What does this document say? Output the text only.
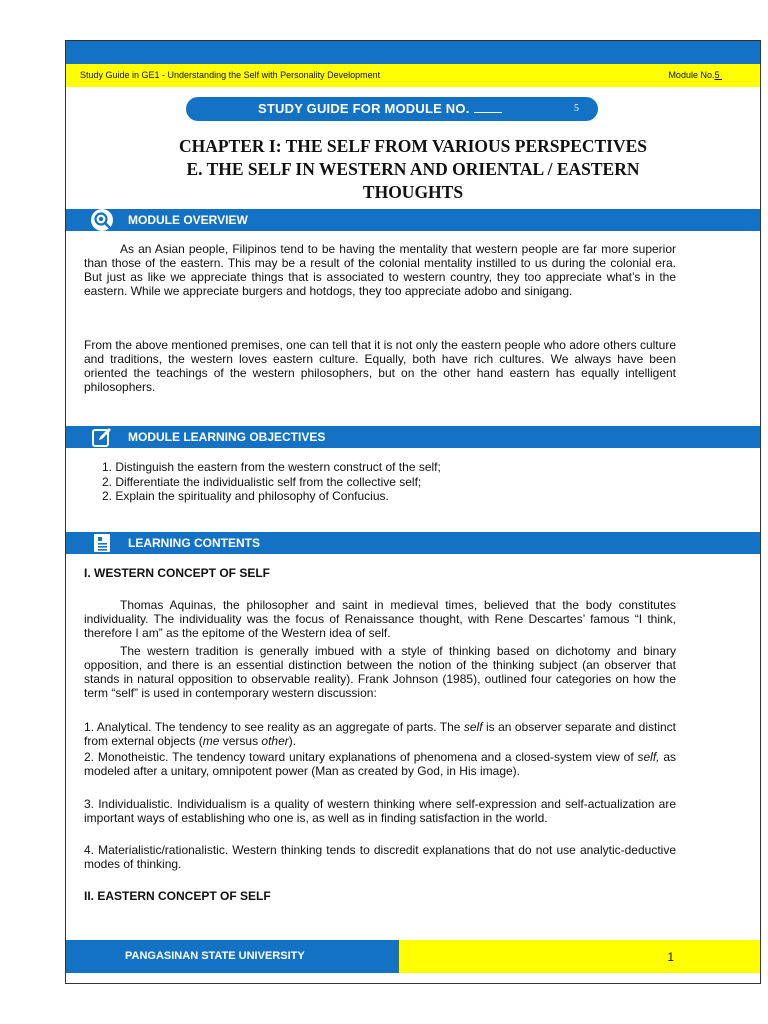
Study Guide in GE1 - Understanding the Self with Personality Development	Module No.5
STUDY GUIDE FOR MODULE NO.	5
CHAPTER I: THE SELF FROM VARIOUS PERSPECTIVES
E. THE SELF IN WESTERN AND ORIENTAL / EASTERN
THOUGHTS
MODULE OVERVIEW

As an Asian people, Filipinos tend to be having the mentality that western people are far more superior than those of the eastern. This may be a result of the colonial mentality instilled to us during the colonial era. But just as like we appreciate things that is associated to western country, they too appreciate what’s in the eastern. While we appreciate burgers and hotdogs, they too appreciate adobo and sinigang.

From the above mentioned premises, one can tell that it is not only the eastern people who adore others culture and traditions, the western loves eastern culture. Equally, both have rich cultures. We always have been oriented the teachings of the western philosophers, but on the other hand eastern has equally intelligent philosophers.

MODULE LEARNING OBJECTIVES
1. Distinguish the eastern from the western construct of the self;
2. Differentiate the individualistic self from the collective self;
2. Explain the spirituality and philosophy of Confucius.
LEARNING CONTENTS
I. WESTERN CONCEPT OF SELF

Thomas Aquinas, the philosopher and saint in medieval times, believed that the body constitutes individuality. The individuality was the focus of Renaissance thought, with Rene Descartes’ famous “I think, therefore I am” as the epitome of the Western idea of self.

The western tradition is generally imbued with a style of thinking based on dichotomy and binary opposition, and there is an essential distinction between the notion of the thinking subject (an observer that stands in natural opposition to observable reality). Frank Johnson (1985), outlined four categories on how the term “self” is used in contemporary western discussion:

1. Analytical. The tendency to see reality as an aggregate of parts. The self is an observer separate and distinct from external objects (me versus other).

2. Monotheistic. The tendency toward unitary explanations of phenomena and a closed-system view of self, as modeled after a unitary, omnipotent power (Man as created by God, in His image).

3. Individualistic. Individualism is a quality of western thinking where self-expression and self-actualization are important ways of establishing who one is, as well as in finding satisfaction in the world.

4. Materialistic/rationalistic. Western thinking tends to discredit explanations that do not use analytic-deductive modes of thinking.

II. EASTERN CONCEPT OF SELF
PANGASINAN STATE UNIVERSITY	1
